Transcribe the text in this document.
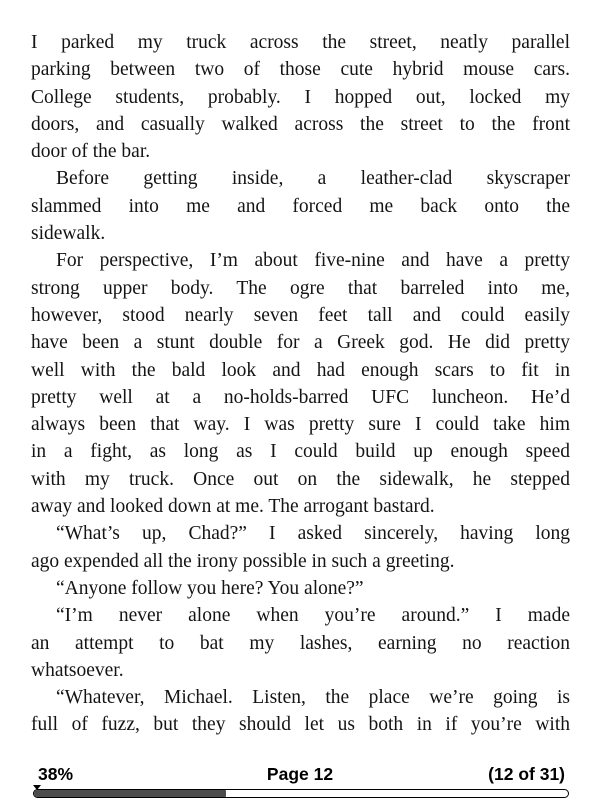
I parked my truck across the street, neatly parallel
parking between two of those cute hybrid mouse cars.
College students, probably. I hopped out, locked my
doors, and casually walked across the street to the front
door of the bar.
Before getting inside, a leather-clad skyscraper
slammed into me and forced me back onto the
sidewalk.
For perspective, I’m about five-nine and have a pretty
strong upper body. The ogre that barreled into me,
however, stood nearly seven feet tall and could easily
have been a stunt double for a Greek god. He did pretty
well with the bald look and had enough scars to fit in
pretty well at a no-holds-barred UFC luncheon. He’d
always been that way. I was pretty sure I could take him
in a fight, as long as I could build up enough speed
with my truck. Once out on the sidewalk, he stepped
away and looked down at me. The arrogant bastard.
“What’s up, Chad?” I asked sincerely, having long
ago expended all the irony possible in such a greeting.
“Anyone follow you here? You alone?”
“I’m never alone when you’re around.” I made
an attempt to bat my lashes, earning no reaction
whatsoever.
“Whatever, Michael. Listen, the place we’re going is
full of fuzz, but they should let us both in if you’re with
38%	Page 12	(12 of 31)
